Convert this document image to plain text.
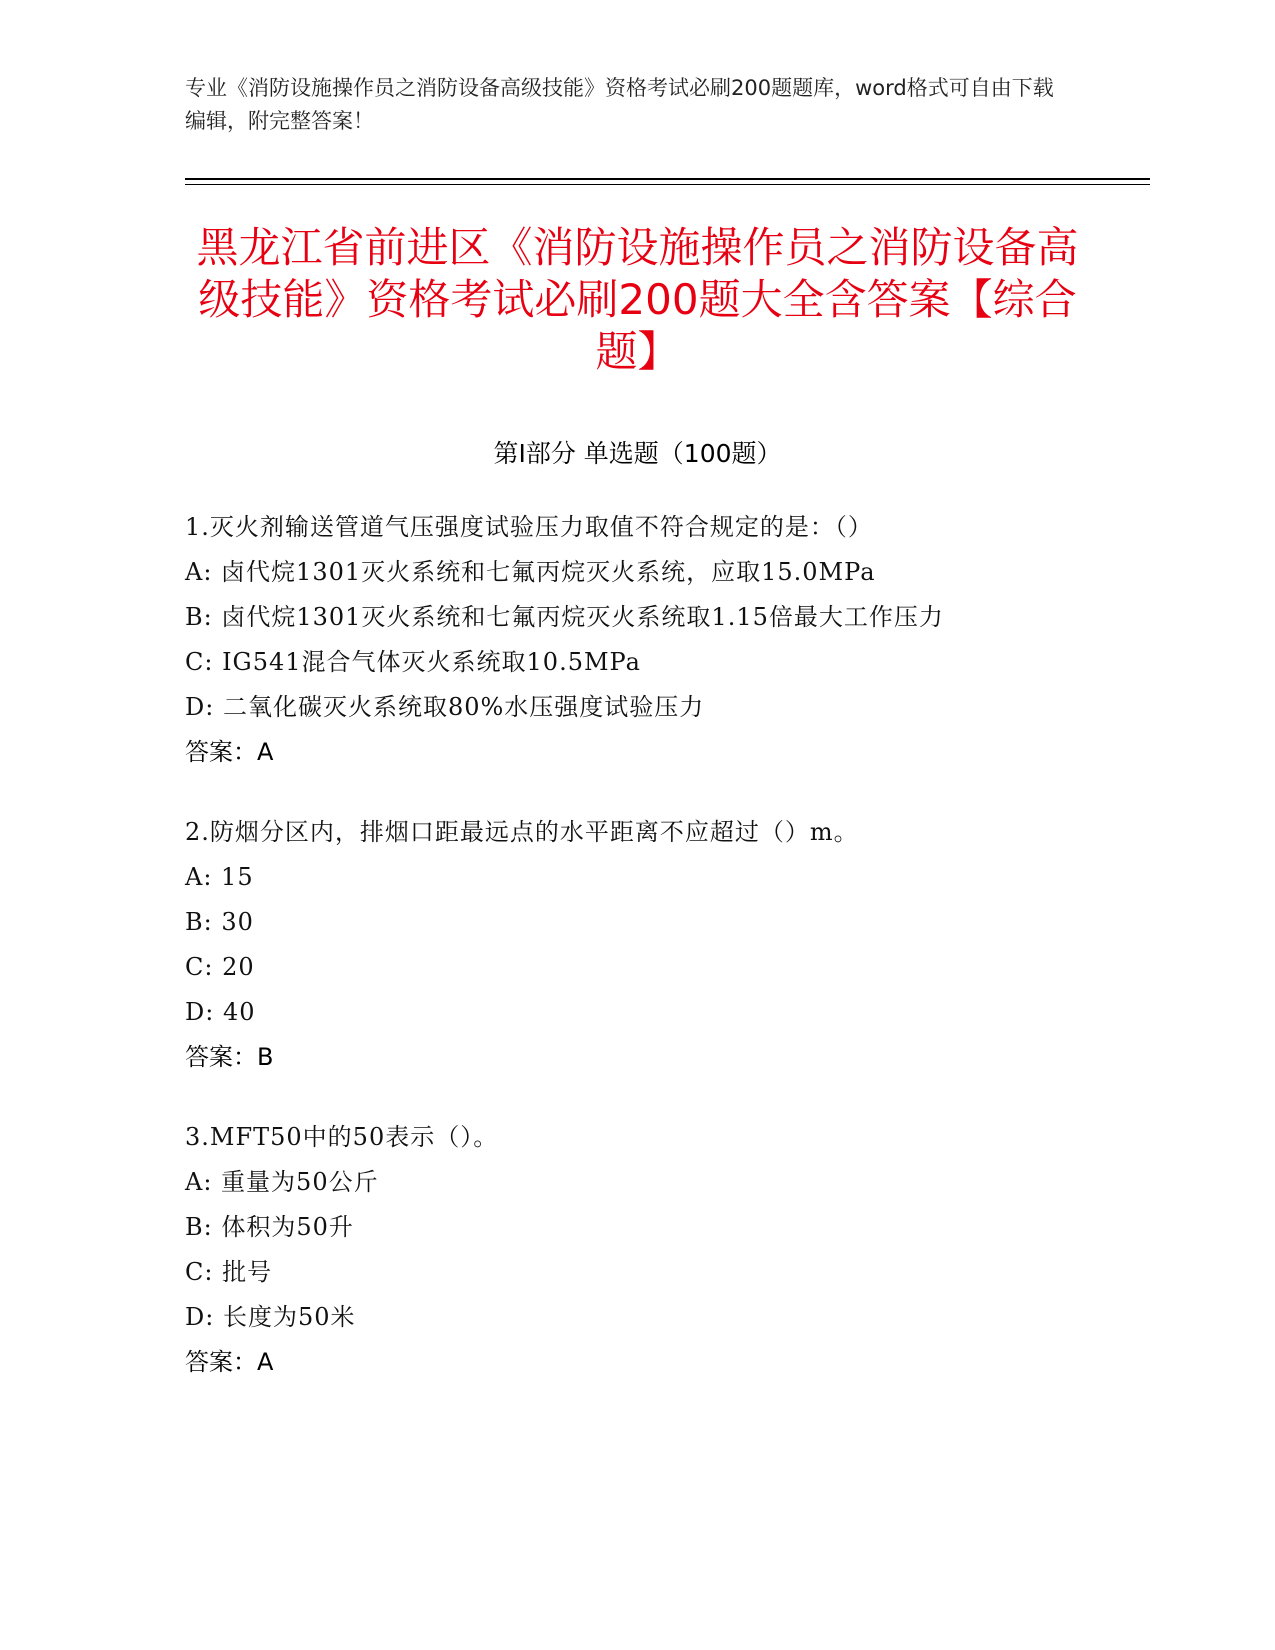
专业《消防设施操作员之消防设备高级技能》资格考试必刷200题题库，word格式可自由下载编辑，附完整答案！
黑龙江省前进区《消防设施操作员之消防设备高级技能》资格考试必刷200题大全含答案【综合题】
第Ⅰ部分 单选题（100题）
1.灭火剂输送管道气压强度试验压力取值不符合规定的是：（）
A: 卤代烷1301灭火系统和七氟丙烷灭火系统，应取15.0MPa
B: 卤代烷1301灭火系统和七氟丙烷灭火系统取1.15倍最大工作压力
C: IG541混合气体灭火系统取10.5MPa
D: 二氧化碳灭火系统取80%水压强度试验压力
答案：A
2.防烟分区内，排烟口距最远点的水平距离不应超过（）m。
A: 15
B: 30
C: 20
D: 40
答案：B
3.MFT50中的50表示（）。
A: 重量为50公斤
B: 体积为50升
C: 批号
D: 长度为50米
答案：A
